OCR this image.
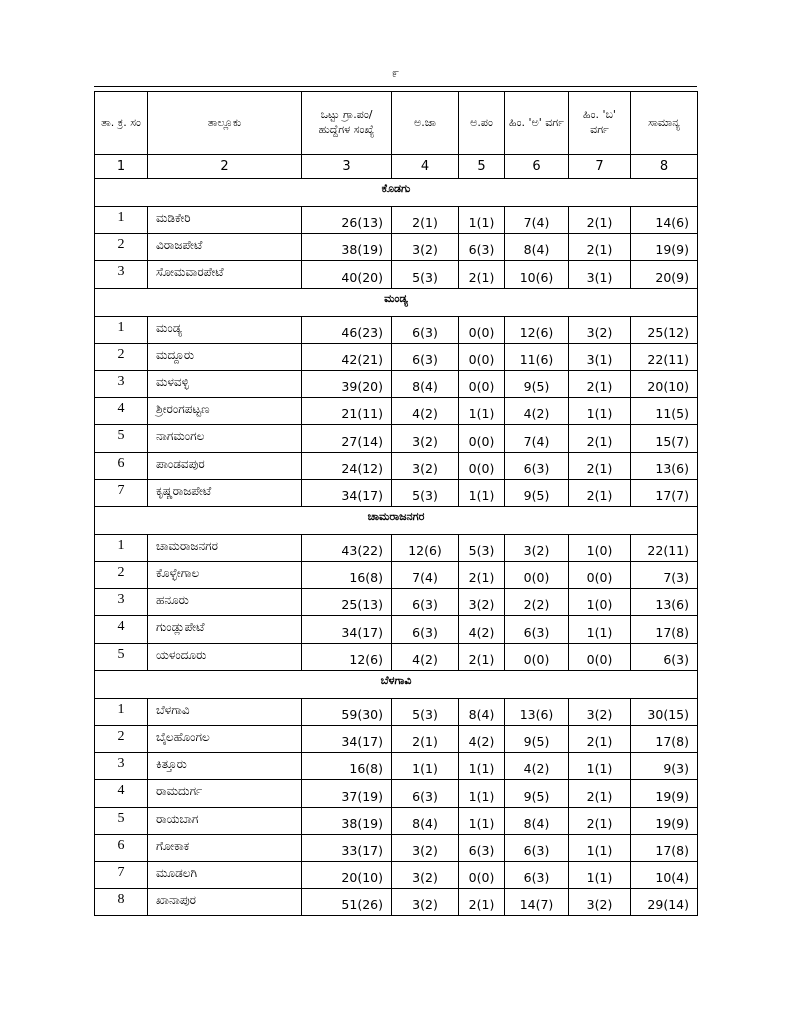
೯
ತಾ. ಕ್ರ. ಸಂ	ತಾಲ್ಲೂಕು	ಒಟ್ಟು ಗ್ರಾ.ಪಂ/ ಹುದ್ದೆಗಳ ಸಂಖ್ಯೆ	ಅ.ಜಾ	ಅ.ಪಂ	ಹಿಂ. 'ಅ' ವರ್ಗ	ಹಿಂ. 'ಬ' ವರ್ಗ	ಸಾಮಾನ್ಯ
1	2	3	4	5	6	7	8
ಕೊಡಗು							
1	ಮಡಿಕೇರಿ	26(13)	2(1)	1(1)	7(4)	2(1)	14(6)
2	ವಿರಾಜಪೇಟೆ	38(19)	3(2)	6(3)	8(4)	2(1)	19(9)
3	ಸೋಮವಾರಪೇಟೆ	40(20)	5(3)	2(1)	10(6)	3(1)	20(9)
ಮಂಡ್ಯ							
1	ಮಂಡ್ಯ	46(23)	6(3)	0(0)	12(6)	3(2)	25(12)
2	ಮದ್ದೂರು	42(21)	6(3)	0(0)	11(6)	3(1)	22(11)
3	ಮಳವಳ್ಳಿ	39(20)	8(4)	0(0)	9(5)	2(1)	20(10)
4	ಶ್ರೀರಂಗಪಟ್ಟಣ	21(11)	4(2)	1(1)	4(2)	1(1)	11(5)
5	ನಾಗಮಂಗಲ	27(14)	3(2)	0(0)	7(4)	2(1)	15(7)
6	ಪಾಂಡವಪುರ	24(12)	3(2)	0(0)	6(3)	2(1)	13(6)
7	ಕೃಷ್ಣರಾಜಪೇಟೆ	34(17)	5(3)	1(1)	9(5)	2(1)	17(7)
ಚಾಮರಾಜನಗರ							
1	ಚಾಮರಾಜನಗರ	43(22)	12(6)	5(3)	3(2)	1(0)	22(11)
2	ಕೊಳ್ಳೇಗಾಲ	16(8)	7(4)	2(1)	0(0)	0(0)	7(3)
3	ಹನೂರು	25(13)	6(3)	3(2)	2(2)	1(0)	13(6)
4	ಗುಂಡ್ಲುಪೇಟೆ	34(17)	6(3)	4(2)	6(3)	1(1)	17(8)
5	ಯಳಂದೂರು	12(6)	4(2)	2(1)	0(0)	0(0)	6(3)
ಬೆಳಗಾವಿ							
1	ಬೆಳಗಾವಿ	59(30)	5(3)	8(4)	13(6)	3(2)	30(15)
2	ಬೈಲಹೊಂಗಲ	34(17)	2(1)	4(2)	9(5)	2(1)	17(8)
3	ಕಿತ್ತೂರು	16(8)	1(1)	1(1)	4(2)	1(1)	9(3)
4	ರಾಮದುರ್ಗ	37(19)	6(3)	1(1)	9(5)	2(1)	19(9)
5	ರಾಯಬಾಗ	38(19)	8(4)	1(1)	8(4)	2(1)	19(9)
6	ಗೋಕಾಕ	33(17)	3(2)	6(3)	6(3)	1(1)	17(8)
7	ಮೂಡಲಗಿ	20(10)	3(2)	0(0)	6(3)	1(1)	10(4)
8	ಖಾನಾಪುರ	51(26)	3(2)	2(1)	14(7)	3(2)	29(14)
